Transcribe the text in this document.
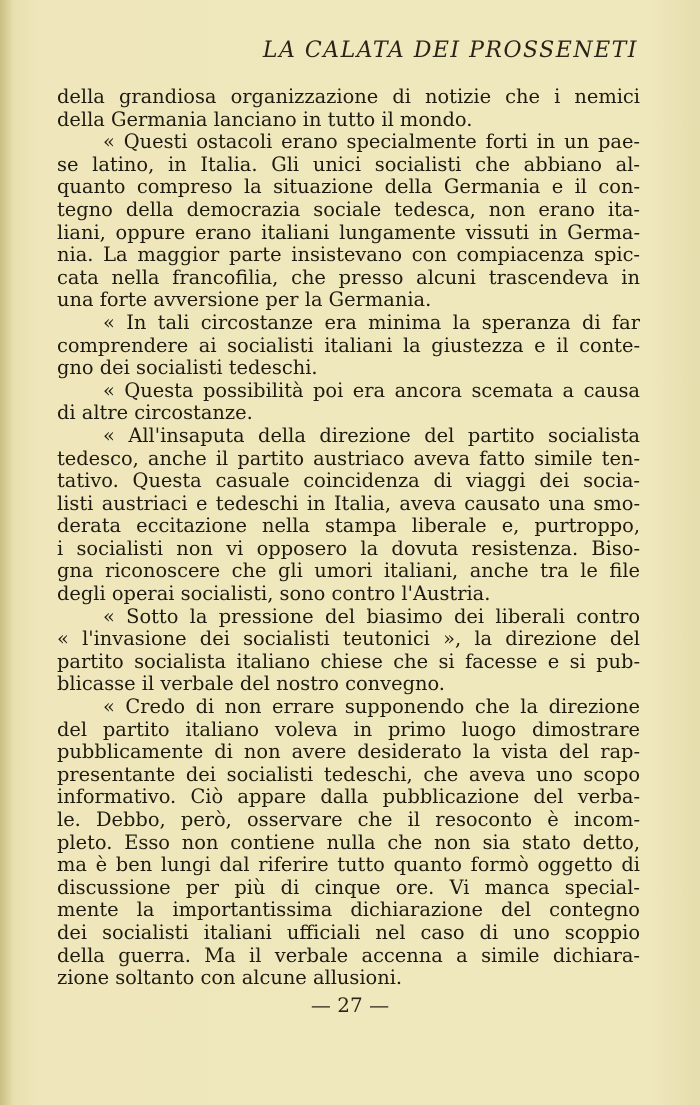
LA CALATA DEI PROSSENETI
della grandiosa organizzazione di notizie che i nemici
della Germania lanciano in tutto il mondo.
« Questi ostacoli erano specialmente forti in un pae-
se latino, in Italia. Gli unici socialisti che abbiano al-
quanto compreso la situazione della Germania e il con-
tegno della democrazia sociale tedesca, non erano ita-
liani, oppure erano italiani lungamente vissuti in Germa-
nia. La maggior parte insistevano con compiacenza spic-
cata nella francofilia, che presso alcuni trascendeva in
una forte avversione per la Germania.
« In tali circostanze era minima la speranza di far
comprendere ai socialisti italiani la giustezza e il conte-
gno dei socialisti tedeschi.
« Questa possibilità poi era ancora scemata a causa
di altre circostanze.
« All'insaputa della direzione del partito socialista
tedesco, anche il partito austriaco aveva fatto simile ten-
tativo. Questa casuale coincidenza di viaggi dei socia-
listi austriaci e tedeschi in Italia, aveva causato una smo-
derata eccitazione nella stampa liberale e, purtroppo,
i socialisti non vi opposero la dovuta resistenza. Biso-
gna riconoscere che gli umori italiani, anche tra le file
degli operai socialisti, sono contro l'Austria.
« Sotto la pressione del biasimo dei liberali contro
« l'invasione dei socialisti teutonici », la direzione del
partito socialista italiano chiese che si facesse e si pub-
blicasse il verbale del nostro convegno.
« Credo di non errare supponendo che la direzione
del partito italiano voleva in primo luogo dimostrare
pubblicamente di non avere desiderato la vista del rap-
presentante dei socialisti tedeschi, che aveva uno scopo
informativo. Ciò appare dalla pubblicazione del verba-
le. Debbo, però, osservare che il resoconto è incom-
pleto. Esso non contiene nulla che non sia stato detto,
ma è ben lungi dal riferire tutto quanto formò oggetto di
discussione per più di cinque ore. Vi manca special-
mente la importantissima dichiarazione del contegno
dei socialisti italiani ufficiali nel caso di uno scoppio
della guerra. Ma il verbale accenna a simile dichiara-
zione soltanto con alcune allusioni.
— 27 —
